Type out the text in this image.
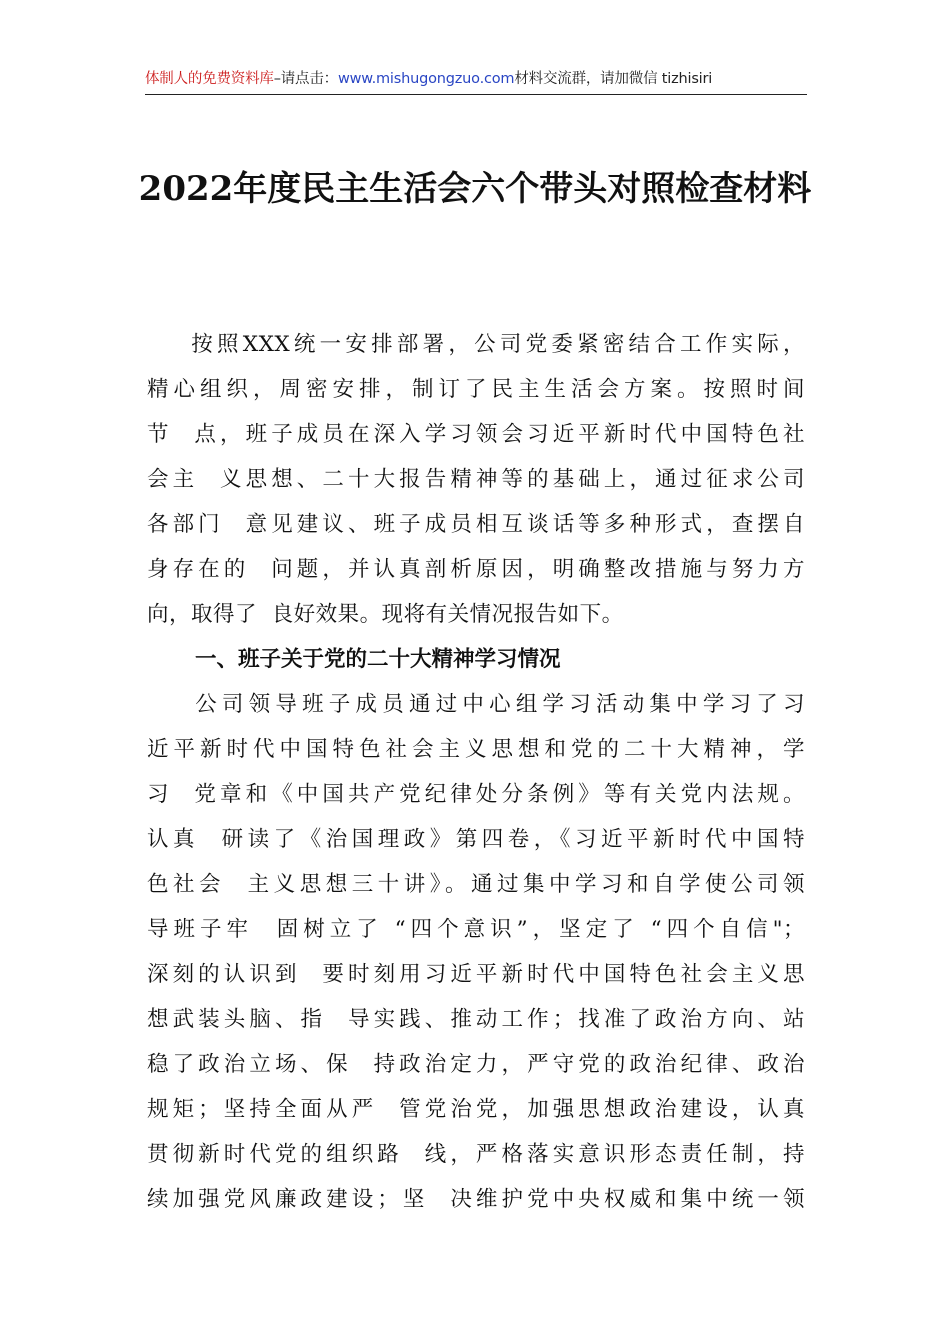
体制人的免费资料库–请点击：www.mishugongzuo.com材料交流群，请加微信 tizhisiri
2022年度民主生活会六个带头对照检查材料
按照XXX统一安排部署，公司党委紧密结合工作实际，
精心组织，周密安排，制订了民主生活会方案。按照时间
节  点，班子成员在深入学习领会习近平新时代中国特色社
会主  义思想、二十大报告精神等的基础上，通过征求公司
各部门  意见建议、班子成员相互谈话等多种形式，查摆自
身存在的  问题，并认真剖析原因，明确整改措施与努力方
向，取得了  良好效果。现将有关情况报告如下。
一、班子关于党的二十大精神学习情况
公司领导班子成员通过中心组学习活动集中学习了习
近平新时代中国特色社会主义思想和党的二十大精神，学
习  党章和《中国共产党纪律处分条例》等有关党内法规。
认真  研读了《治国理政》第四卷，《习近平新时代中国特
色社会  主义思想三十讲》。通过集中学习和自学使公司领
导班子牢  固树立了 “四个意识”，坚定了 “四个自信"；
深刻的认识到  要时刻用习近平新时代中国特色社会主义思
想武装头脑、指  导实践、推动工作；找准了政治方向、站
稳了政治立场、保  持政治定力，严守党的政治纪律、政治
规矩；坚持全面从严  管党治党，加强思想政治建设，认真
贯彻新时代党的组织路  线，严格落实意识形态责任制，持
续加强党风廉政建设；坚  决维护党中央权威和集中统一领
